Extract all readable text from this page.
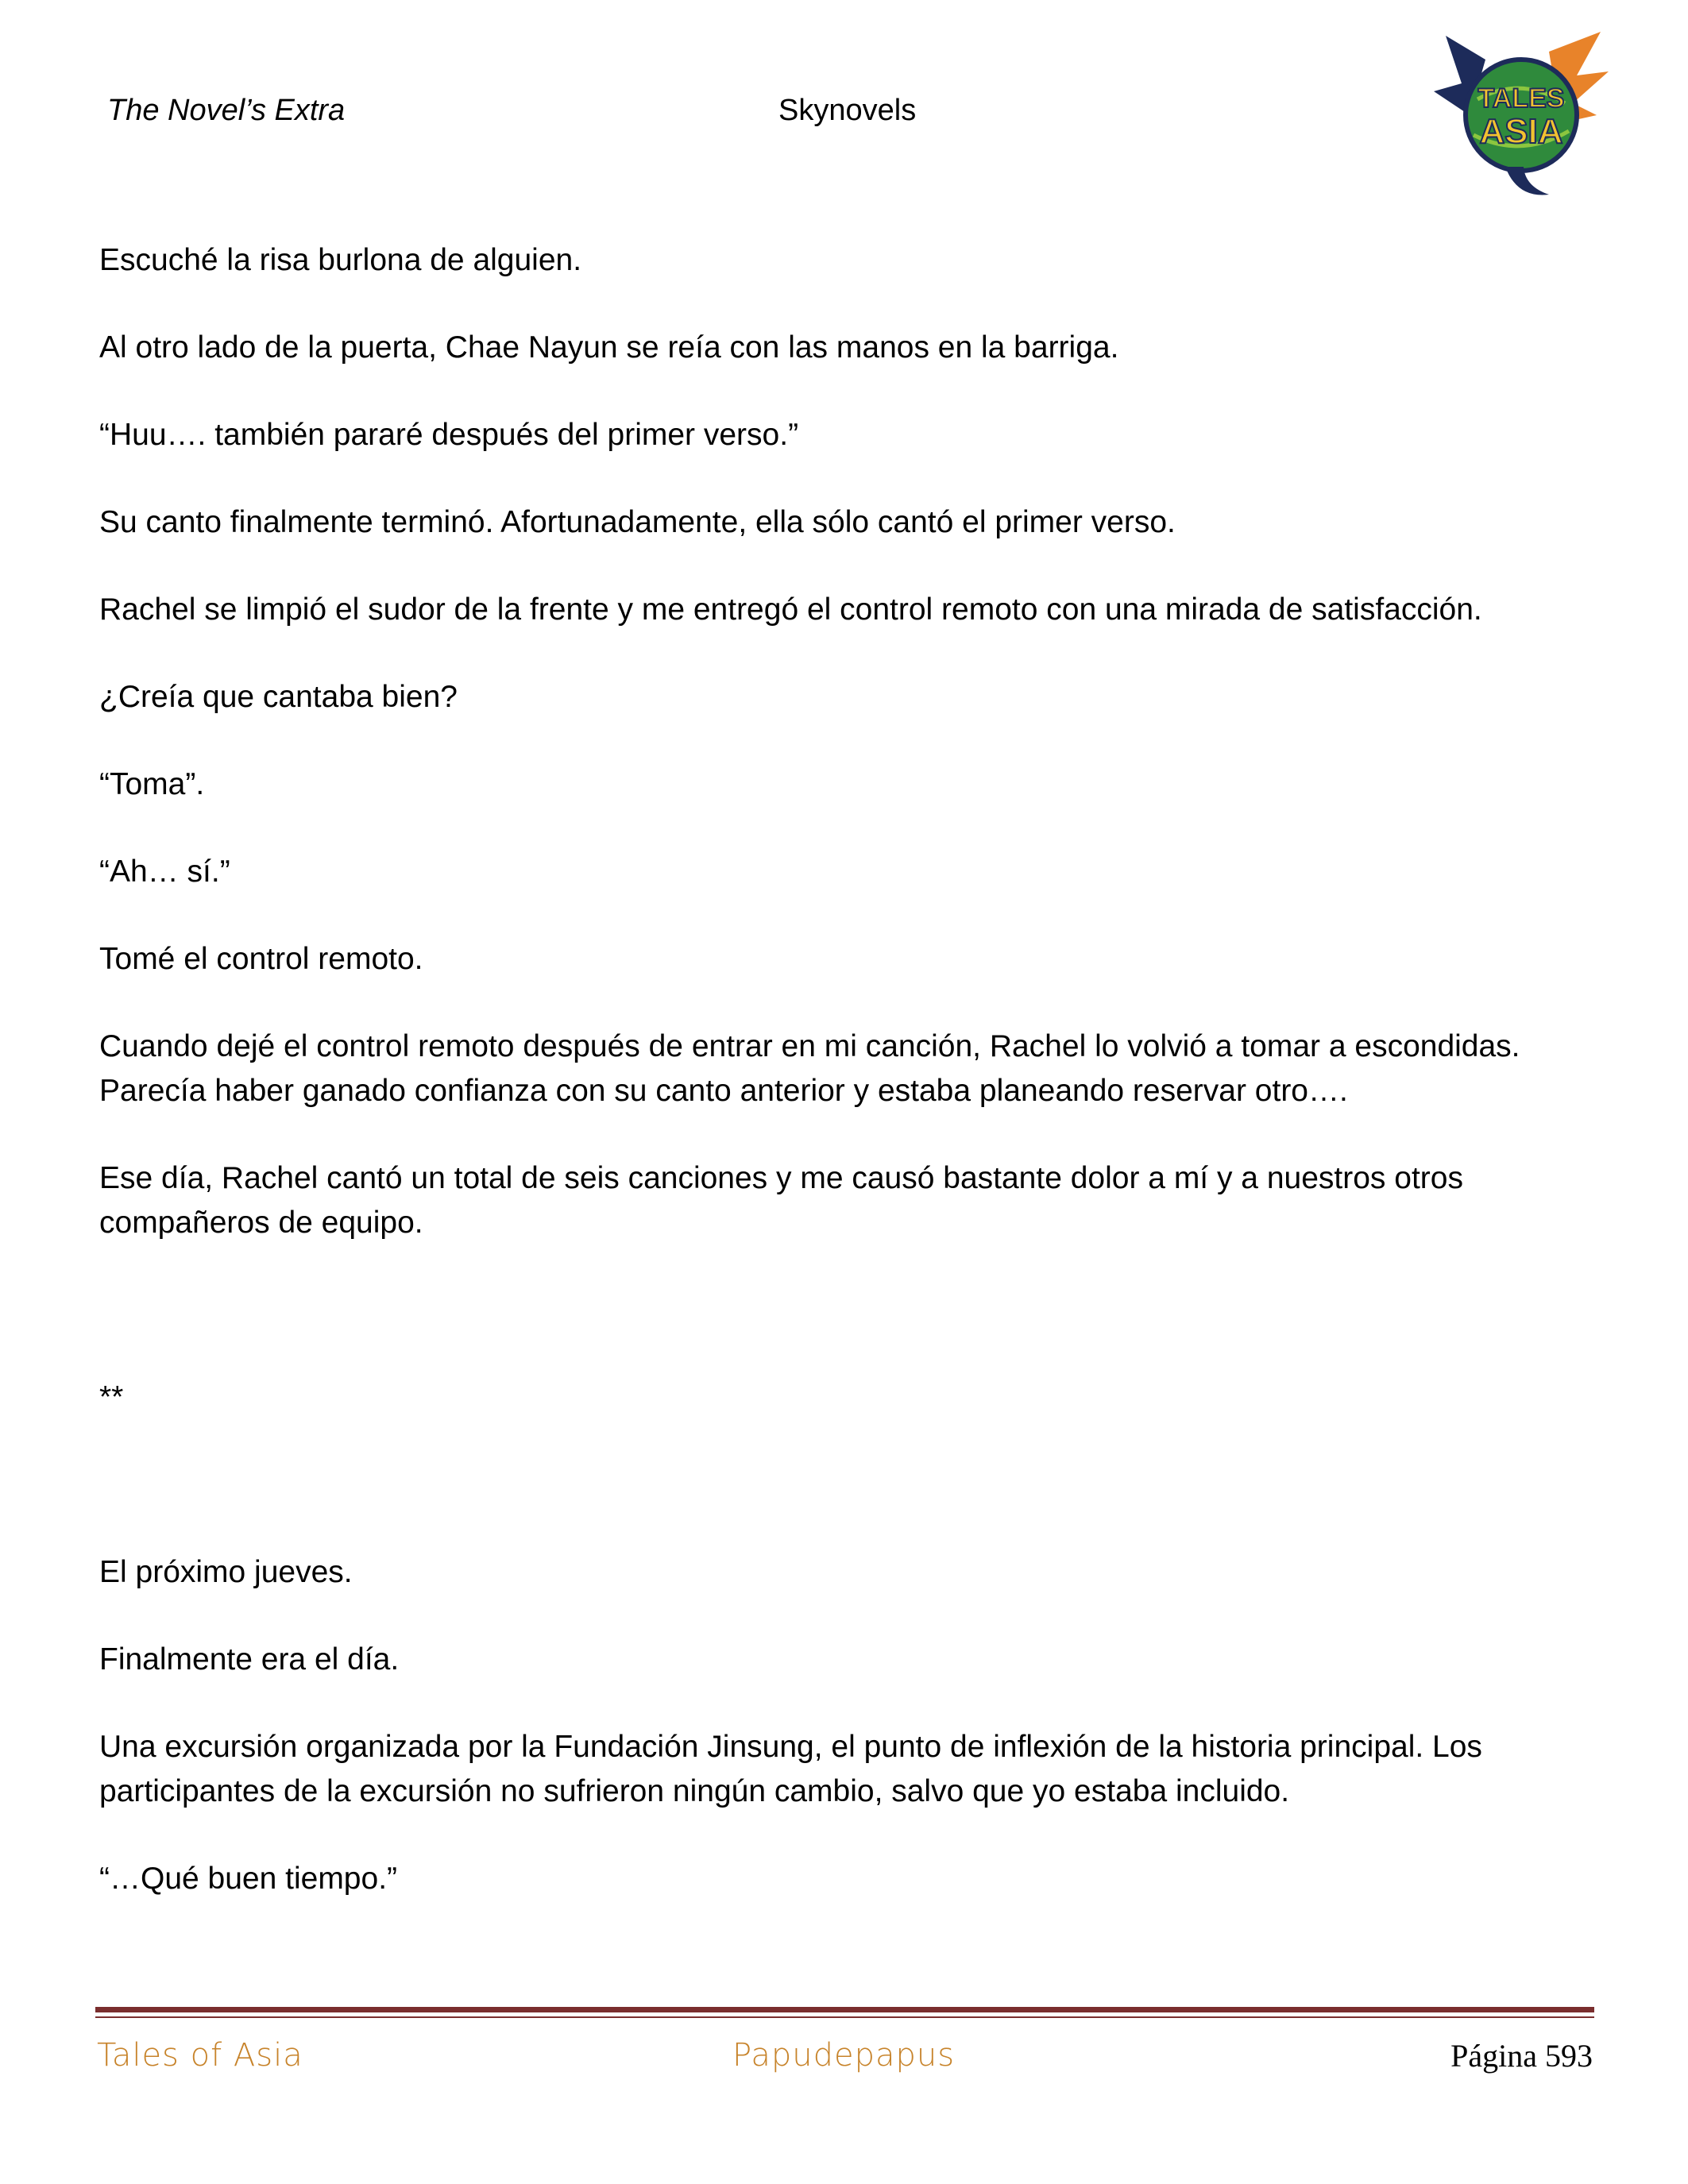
The Novel’s Extra	Skynovels	TALES
ASIA

Escuché la risa burlona de alguien.

Al otro lado de la puerta, Chae Nayun se reía con las manos en la barriga.

“Huu…. también pararé después del primer verso.”

Su canto finalmente terminó. Afortunadamente, ella sólo cantó el primer verso.

Rachel se limpió el sudor de la frente y me entregó el control remoto con una mirada de satisfacción.

¿Creía que cantaba bien?

“Toma”.

“Ah… sí.”

Tomé el control remoto.

Cuando dejé el control remoto después de entrar en mi canción, Rachel lo volvió a tomar a escondidas. Parecía haber ganado confianza con su canto anterior y estaba planeando reservar otro….

Ese día, Rachel cantó un total de seis canciones y me causó bastante dolor a mí y a nuestros otros compañeros de equipo.

**

El próximo jueves.

Finalmente era el día.

Una excursión organizada por la Fundación Jinsung, el punto de inflexión de la historia principal. Los participantes de la excursión no sufrieron ningún cambio, salvo que yo estaba incluido.

“…Qué buen tiempo.”

Tales of Asia	Papudepapus	Página 593
